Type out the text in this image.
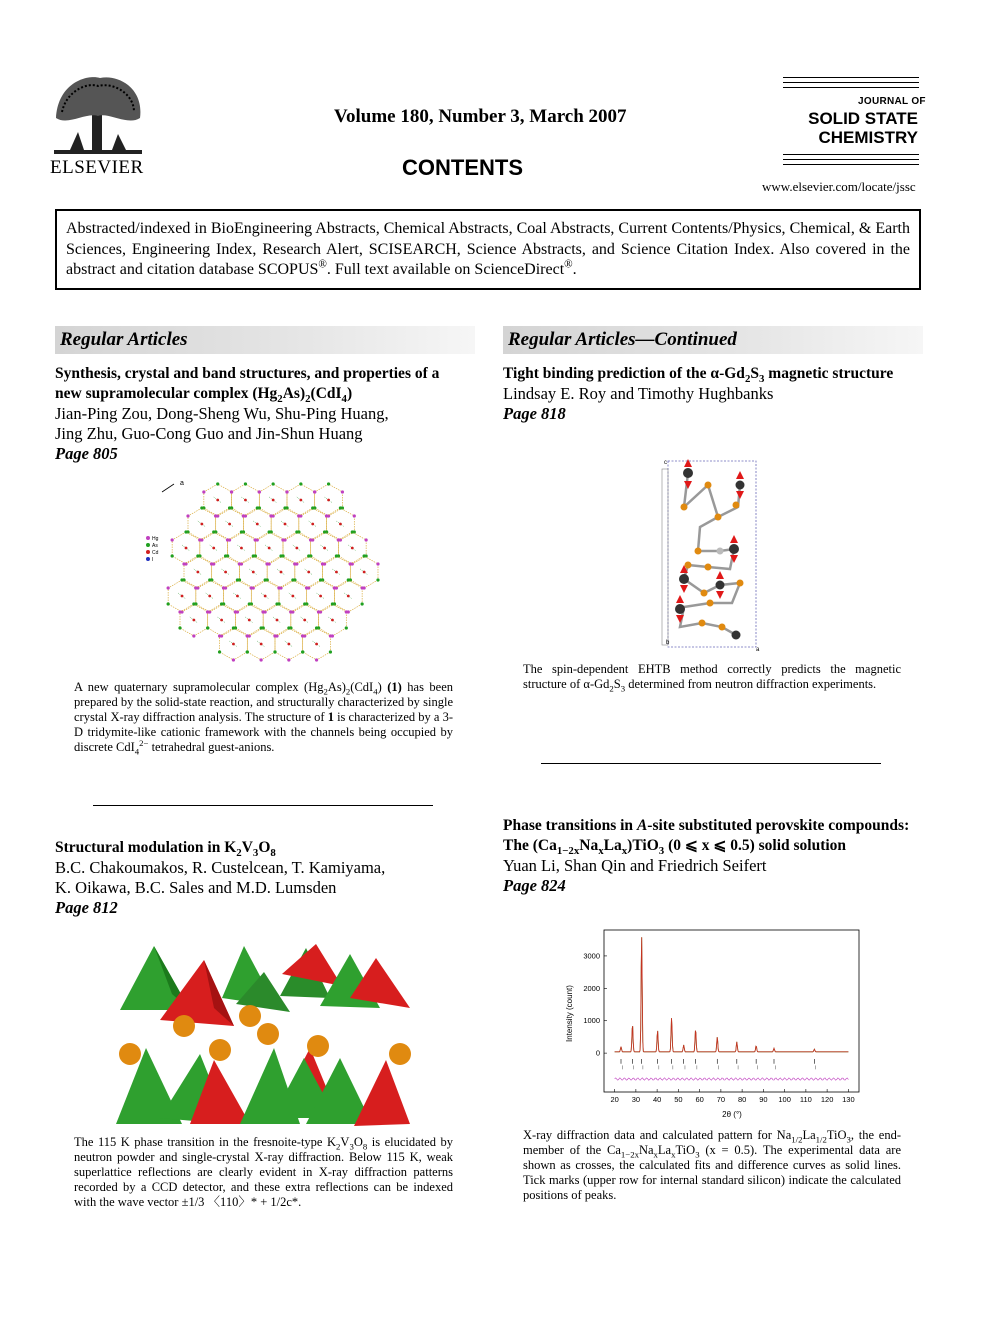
ELSEVIER
Volume 180, Number 3, March 2007
CONTENTS
JOURNAL OF
SOLID STATE
CHEMISTRY
www.elsevier.com/locate/jssc
Abstracted/indexed in BioEngineering Abstracts, Chemical Abstracts, Coal Abstracts, Current Contents/Physics, Chemical, & Earth Sciences, Engineering Index, Research Alert, SCISEARCH, Science Abstracts, and Science Citation Index. Also covered in the abstract and citation database SCOPUS®. Full text available on ScienceDirect®.
Regular Articles	Regular Articles—Continued
Synthesis, crystal and band structures, and properties of a new supramolecular complex $(Hg_2As)_2(CdI_4)$
Jian-Ping Zou, Dong-Sheng Wu, Shu-Ping Huang,
Jing Zhu, Guo-Cong Guo and Jin-Shun Huang
Page 805
a
Hg
As
Cd
I
A new quaternary supramolecular complex $(Hg_2As)_2(CdI_4)$ (1) has been prepared by the solid-state reaction, and structurally characterized by single crystal X-ray diffraction analysis. The structure of 1 is characterized by a 3-D tridymite-like cationic framework with the channels being occupied by discrete CdI$_4^{2-}$ tetrahedral guest-anions.
Structural modulation in $K_2V_3O_8$
B.C. Chakoumakos, R. Custelcean, T. Kamiyama,
K. Oikawa, B.C. Sales and M.D. Lumsden
Page 812
The 115 K phase transition in the fresnoite-type $K_2V_3O_8$ is elucidated by neutron powder and single-crystal X-ray diffraction. Below 115 K, weak superlattice reflections are clearly evident in X-ray diffraction patterns recorded by a CCD detector, and these extra reflections can be indexed with the wave vector ±1/3 〈110〉* + 1/2c*.
Tight binding prediction of the $\alpha-Gd_2S_3$ magnetic structure
Lindsay E. Roy and Timothy Hughbanks
Page 818
c
b
a
The spin-dependent EHTB method correctly predicts the magnetic structure of $\alpha-Gd_2S_3$ determined from neutron diffraction experiments.
Phase transitions in A-site substituted perovskite compounds: The $(Ca_{1-2x}Na_xLa_x)TiO_3$ (0 ⩽ x ⩽ 0.5) solid solution
Yuan Li, Shan Qin and Friedrich Seifert
Page 824
Intensity (count)
2θ (°)
20 30 40 50 60 70 80 90 100 110 120 130
0
1000
2000
3000
X-ray diffraction data and calculated pattern for $Na_{1/2}La_{1/2}TiO_3$, the end-member of the $Ca_{1-2x}Na_xLa_xTiO_3$ (x = 0.5). The experimental data are shown as crosses, the calculated fits and difference curves as solid lines. Tick marks (upper row for internal standard silicon) indicate the calculated positions of peaks.
